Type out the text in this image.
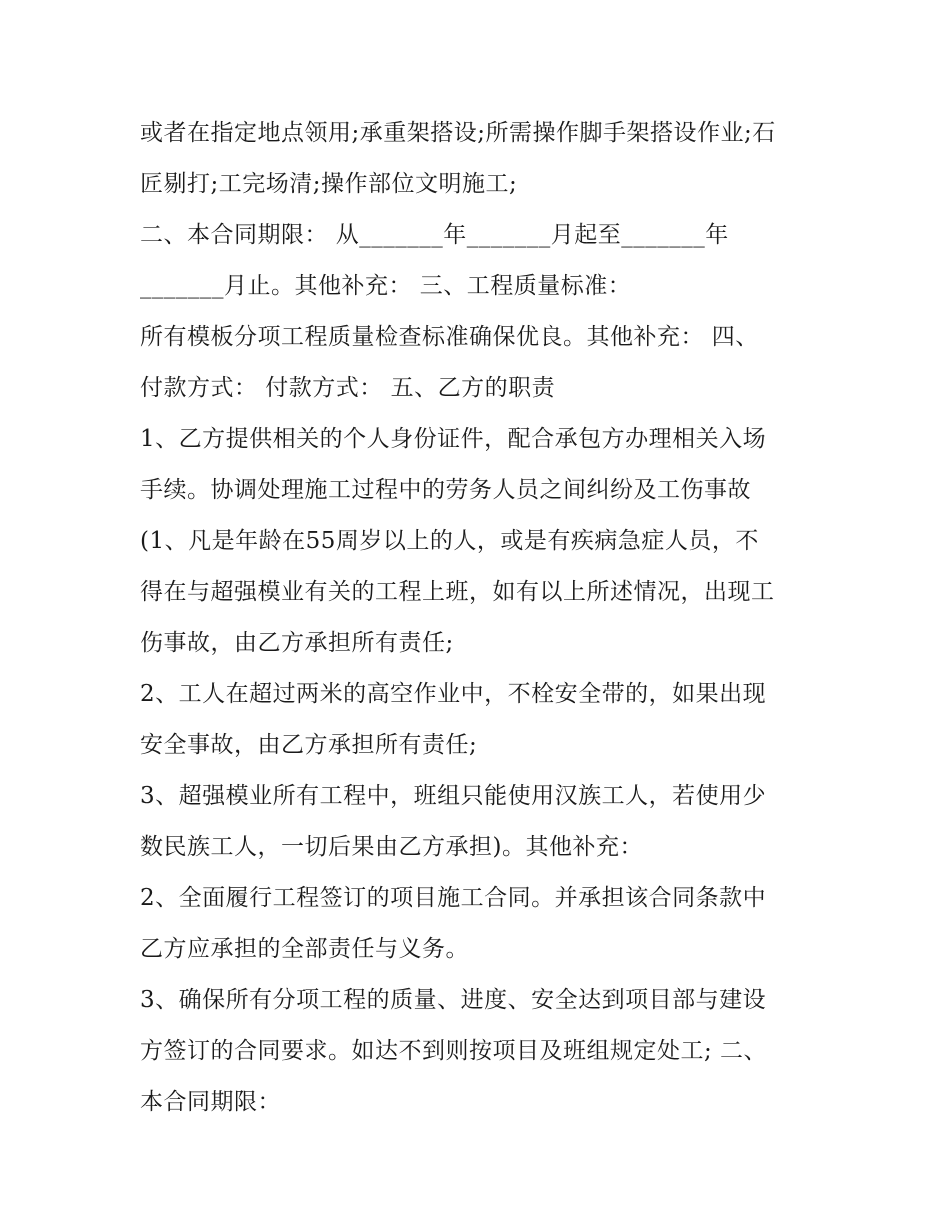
或者在指定地点领用;承重架搭设;所需操作脚手架搭设作业;石
匠剔打;工完场清;操作部位文明施工;
二、本合同期限： 从_______年_______月起至_______年
_______月止。其他补充： 三、工程质量标准：
所有模板分项工程质量检查标准确保优良。其他补充： 四、
付款方式： 付款方式： 五、乙方的职责
1、乙方提供相关的个人身份证件，配合承包方办理相关入场
手续。协调处理施工过程中的劳务人员之间纠纷及工伤事故
(1、凡是年龄在55周岁以上的人，或是有疾病急症人员，不
得在与超强模业有关的工程上班，如有以上所述情况，出现工
伤事故，由乙方承担所有责任;
2、工人在超过两米的高空作业中，不栓安全带的，如果出现
安全事故，由乙方承担所有责任;
3、超强模业所有工程中，班组只能使用汉族工人，若使用少
数民族工人，一切后果由乙方承担)。其他补充：
2、全面履行工程签订的项目施工合同。并承担该合同条款中
乙方应承担的全部责任与义务。
3、确保所有分项工程的质量、进度、安全达到项目部与建设
方签订的合同要求。如达不到则按项目及班组规定处工; 二、
本合同期限：
